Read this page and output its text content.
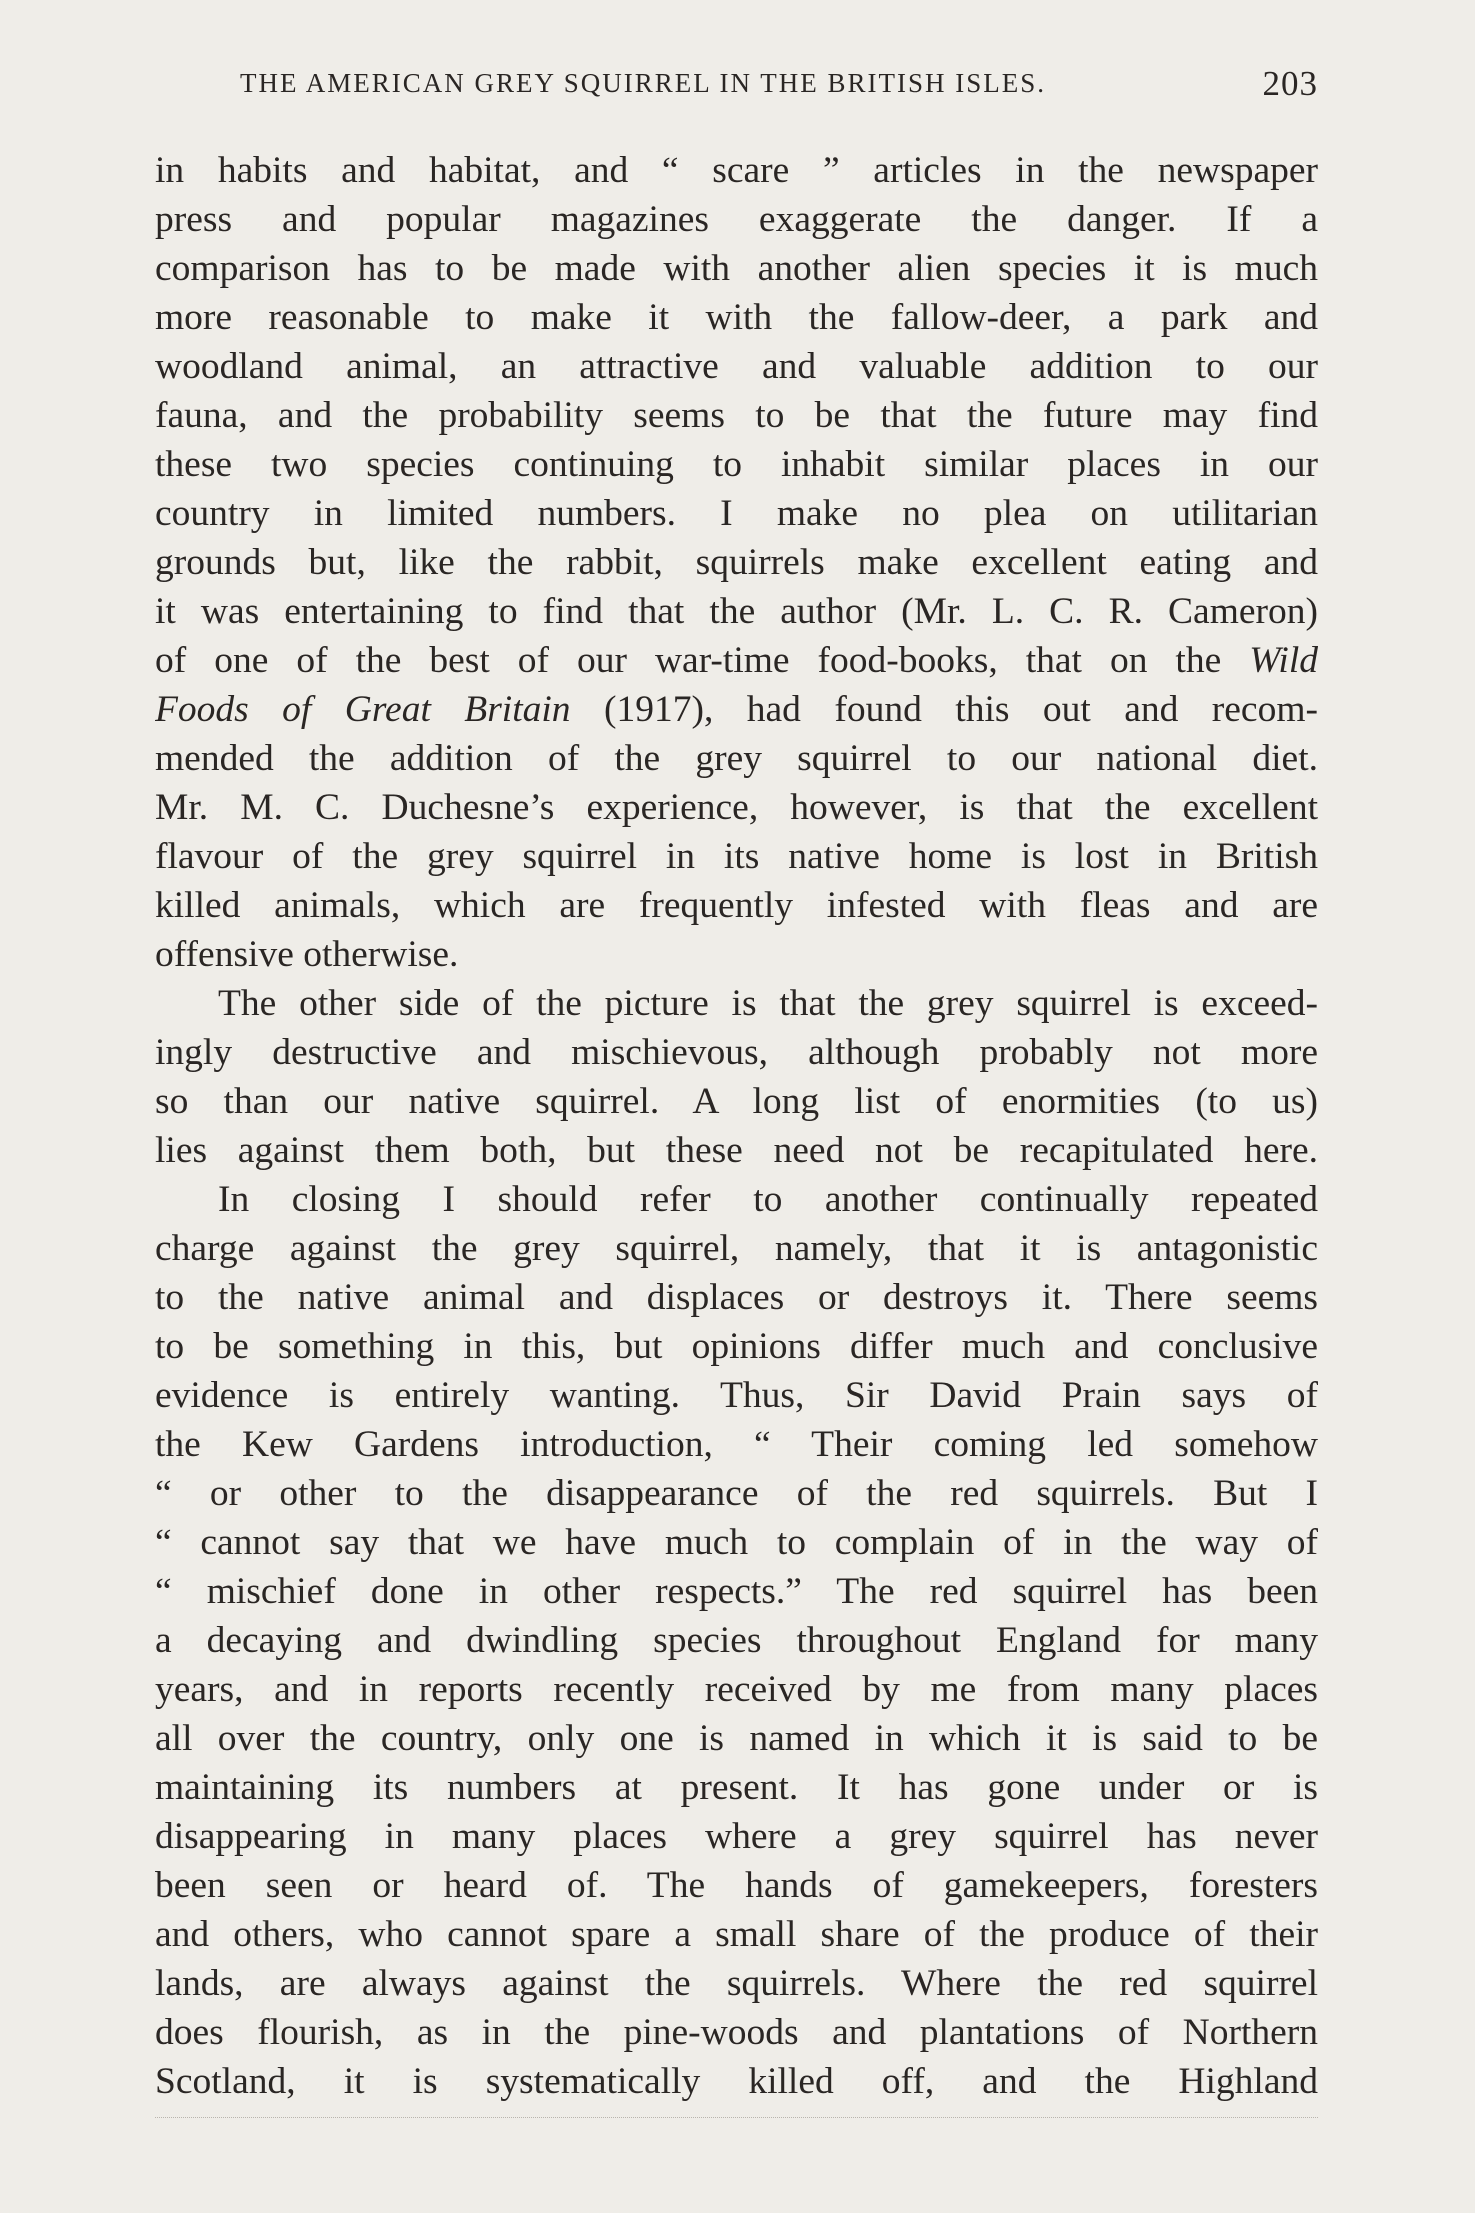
THE AMERICAN GREY SQUIRREL IN THE BRITISH ISLES.	203
in habits and habitat, and “ scare ” articles in the newspaper
press and popular magazines exaggerate the danger. If a
comparison has to be made with another alien species it is much
more reasonable to make it with the fallow-deer, a park and
woodland animal, an attractive and valuable addition to our
fauna, and the probability seems to be that the future may find
these two species continuing to inhabit similar places in our
country in limited numbers. I make no plea on utilitarian
grounds but, like the rabbit, squirrels make excellent eating and
it was entertaining to find that the author (Mr. L. C. R. Cameron)
of one of the best of our war-time food-books, that on the Wild
Foods of Great Britain (1917), had found this out and recom-
mended the addition of the grey squirrel to our national diet.
Mr. M. C. Duchesne’s experience, however, is that the excellent
flavour of the grey squirrel in its native home is lost in British
killed animals, which are frequently infested with fleas and are
offensive otherwise.
The other side of the picture is that the grey squirrel is exceed-
ingly destructive and mischievous, although probably not more
so than our native squirrel. A long list of enormities (to us)
lies against them both, but these need not be recapitulated here.
In closing I should refer to another continually repeated
charge against the grey squirrel, namely, that it is antagonistic
to the native animal and displaces or destroys it. There seems
to be something in this, but opinions differ much and conclusive
evidence is entirely wanting. Thus, Sir David Prain says of
the Kew Gardens introduction, “ Their coming led somehow
“ or other to the disappearance of the red squirrels. But I
“ cannot say that we have much to complain of in the way of
“ mischief done in other respects.” The red squirrel has been
a decaying and dwindling species throughout England for many
years, and in reports recently received by me from many places
all over the country, only one is named in which it is said to be
maintaining its numbers at present. It has gone under or is
disappearing in many places where a grey squirrel has never
been seen or heard of. The hands of gamekeepers, foresters
and others, who cannot spare a small share of the produce of their
lands, are always against the squirrels. Where the red squirrel
does flourish, as in the pine-woods and plantations of Northern
Scotland, it is systematically killed off, and the Highland
